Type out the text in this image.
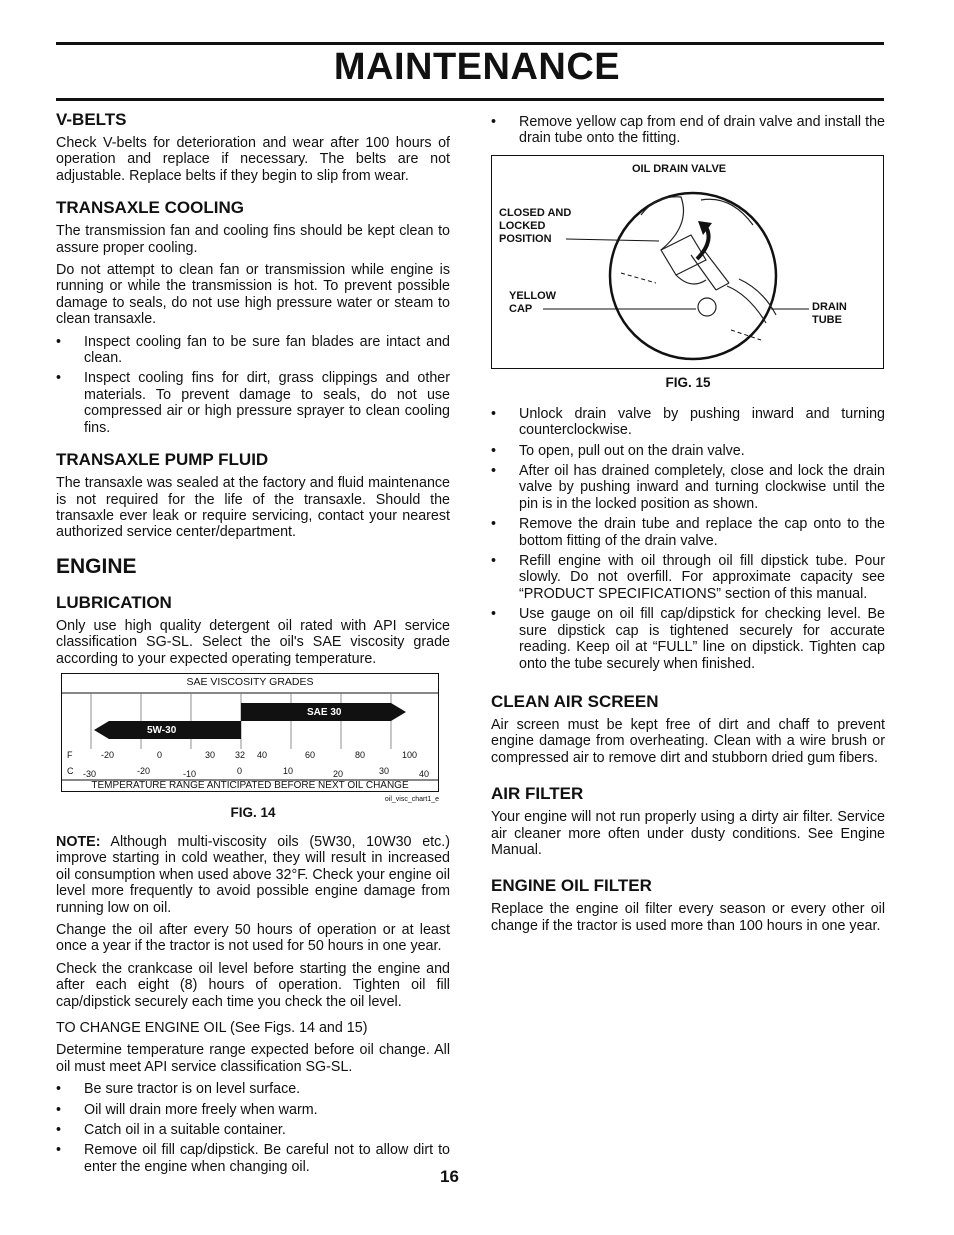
MAINTENANCE
V-BELTS

Check V-belts for deterioration and wear after 100 hours of operation and replace if necessary. The belts are not adjustable. Replace belts if they begin to slip from wear.

TRANSAXLE COOLING

The transmission fan and cooling fins should be kept clean to assure proper cooling.

Do not attempt to clean fan or transmission while engine is running or while the transmission is hot. To prevent possible damage to seals, do not use high pressure water or steam to clean transaxle.

• Inspect cooling fan to be sure fan blades are intact and clean.
• Inspect cooling fins for dirt, grass clippings and other materials. To prevent damage to seals, do not use compressed air or high pressure sprayer to clean cooling fins.
TRANSAXLE PUMP FLUID

The transaxle was sealed at the factory and fluid maintenance is not required for the life of the transaxle. Should the transaxle ever leak or require servicing, contact your nearest authorized service center/department.

ENGINE
LUBRICATION

Only use high quality detergent oil rated with API service classification SG-SL. Select the oil's SAE viscosity grade according to your expected operating temperature.

SAE VISCOSITY GRADES
SAE 30
5W-30
F	-20	0	30 32 40	60	80	100
C -30	-20	-10	0	10	20	30	40
TEMPERATURE RANGE ANTICIPATED BEFORE NEXT OIL CHANGE
oil_visc_chart1_e
FIG. 14

NOTE: Although multi-viscosity oils (5W30, 10W30 etc.) improve starting in cold weather, they will result in increased oil consumption when used above 32°F. Check your engine oil level more frequently to avoid possible engine damage from running low on oil.

Change the oil after every 50 hours of operation or at least once a year if the tractor is not used for 50 hours in one year.

Check the crankcase oil level before starting the engine and after each eight (8) hours of operation. Tighten oil fill cap/dipstick securely each time you check the oil level.

TO CHANGE ENGINE OIL (See Figs. 14 and 15)

Determine temperature range expected before oil change. All oil must meet API service classification SG-SL.

• Be sure tractor is on level surface.
• Oil will drain more freely when warm.
• Catch oil in a suitable container.
• Remove oil fill cap/dipstick. Be careful not to allow dirt to enter the engine when changing oil.
• Remove yellow cap from end of drain valve and install the drain tube onto the fitting.
OIL DRAIN VALVE
CLOSED AND LOCKED POSITION
YELLOW CAP	DRAIN TUBE
FIG. 15
• Unlock drain valve by pushing inward and turning counterclockwise.
• To open, pull out on the drain valve.
• After oil has drained completely, close and lock the drain valve by pushing inward and turning clockwise until the pin is in the locked position as shown.
• Remove the drain tube and replace the cap onto to the bottom fitting of the drain valve.
• Refill engine with oil through oil fill dipstick tube. Pour slowly. Do not overfill. For approximate capacity see “PRODUCT SPECIFICATIONS” section of this manual.
• Use gauge on oil fill cap/dipstick for checking level. Be sure dipstick cap is tightened securely for accurate reading. Keep oil at “FULL” line on dipstick. Tighten cap onto the tube securely when finished.
CLEAN AIR SCREEN

Air screen must be kept free of dirt and chaff to prevent engine damage from overheating. Clean with a wire brush or compressed air to remove dirt and stubborn dried gum fibers.

AIR FILTER

Your engine will not run properly using a dirty air filter. Service air cleaner more often under dusty conditions. See Engine Manual.

ENGINE OIL FILTER

Replace the engine oil filter every season or every other oil change if the tractor is used more than 100 hours in one year.

16
